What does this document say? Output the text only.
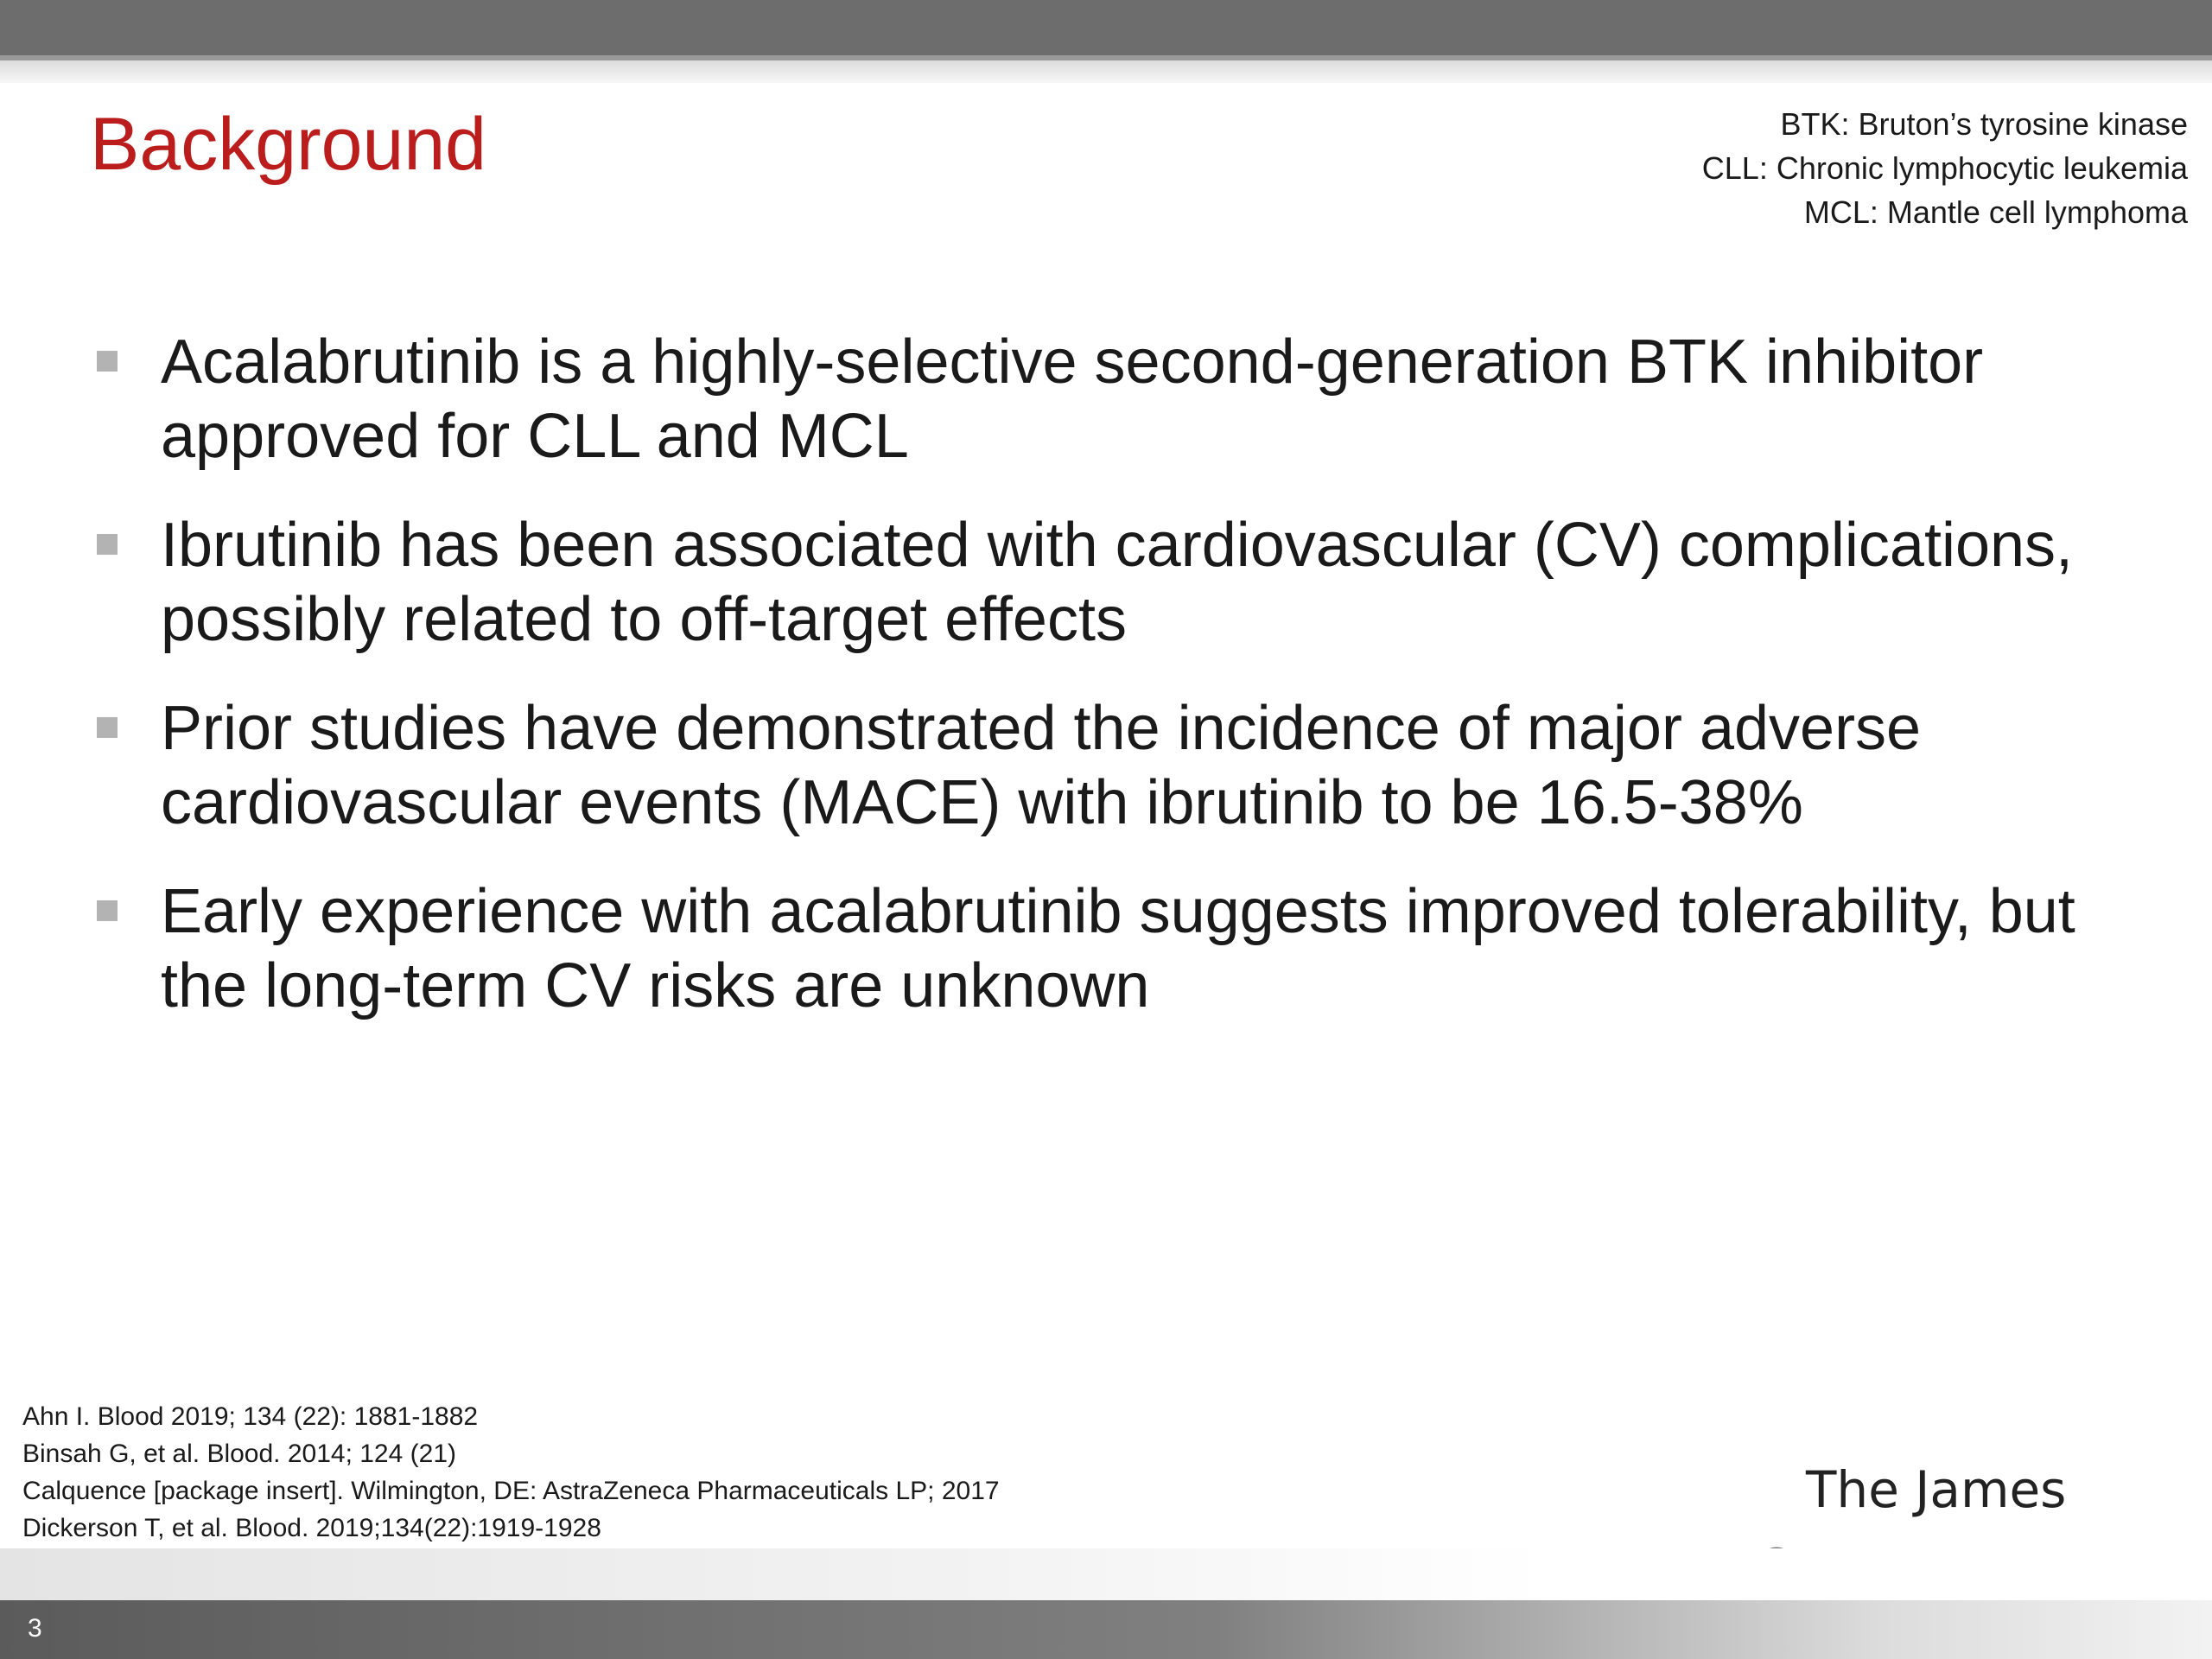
Background	BTK: Bruton’s tyrosine kinase
CLL: Chronic lymphocytic leukemia
MCL: Mantle cell lymphoma
Acalabrutinib is a highly-selective second-generation BTK inhibitor approved for CLL and MCL
Ibrutinib has been associated with cardiovascular (CV) complications, possibly related to off-target effects
Prior studies have demonstrated the incidence of major adverse cardiovascular events (MACE) with ibrutinib to be 16.5-38%
Early experience with acalabrutinib suggests improved tolerability, but the long-term CV risks are unknown
Ahn I. Blood 2019; 134 (22): 1881-1882
Binsah G, et al. Blood. 2014; 124 (21)
Calquence [package insert]. Wilmington, DE: AstraZeneca Pharmaceuticals LP; 2017
Dickerson T, et al. Blood. 2019;134(22):1919-1928
The James
3
